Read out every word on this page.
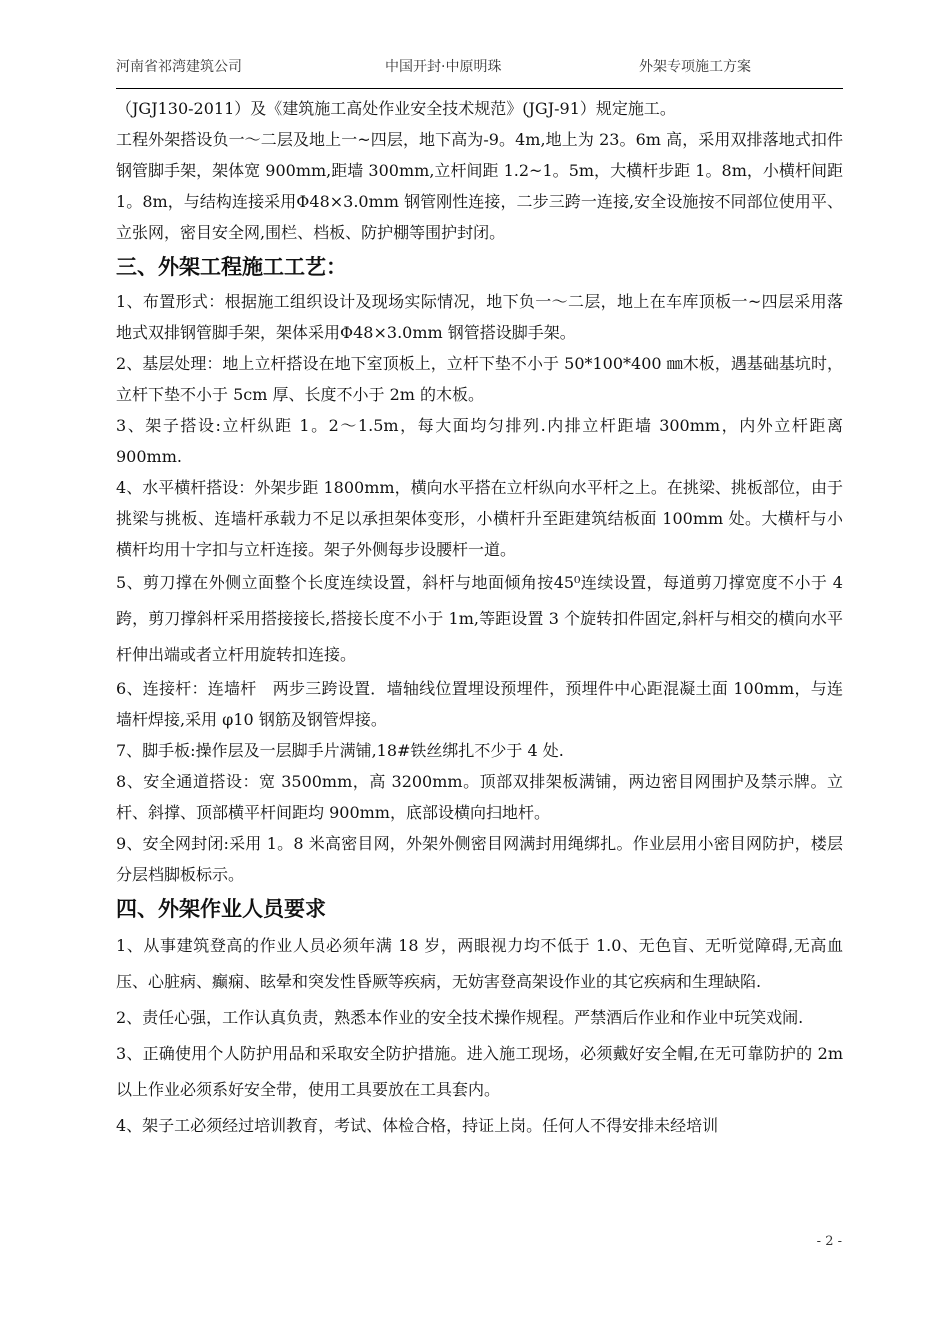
河南省祁湾建筑公司	中国开封·中原明珠	外架专项施工方案

（JGJ130-2011）及《建筑施工高处作业安全技术规范》(JGJ-91）规定施工。

工程外架搭设负一～二层及地上一~四层，地下高为-9。4m,地上为 23。6m 高，采用双排落地式扣件钢管脚手架，架体宽 900mm,距墙 300mm,立杆间距 1.2~1。5m，大横杆步距 1。8m，小横杆间距 1。8m，与结构连接采用Φ48×3.0mm 钢管刚性连接，二步三跨一连接,安全设施按不同部位使用平、立张网，密目安全网,围栏、档板、防护棚等围护封闭。

三、外架工程施工工艺：

1、布置形式：根据施工组织设计及现场实际情况，地下负一～二层，地上在车库顶板一~四层采用落地式双排钢管脚手架，架体采用Φ48×3.0mm 钢管搭设脚手架。

2、基层处理：地上立杆搭设在地下室顶板上，立杆下垫不小于 50*100*400 ㎜木板，遇基础基坑时，立杆下垫不小于 5cm 厚、长度不小于 2m 的木板。

3、架子搭设:立杆纵距 1。2～1.5m，每大面均匀排列.内排立杆距墙 300mm，内外立杆距离 900mm.

4、水平横杆搭设：外架步距 1800mm，横向水平搭在立杆纵向水平杆之上。在挑梁、挑板部位，由于挑梁与挑板、连墙杆承载力不足以承担架体变形，小横杆升至距建筑结板面 100mm 处。大横杆与小横杆均用十字扣与立杆连接。架子外侧每步设腰杆一道。

5、剪刀撑在外侧立面整个长度连续设置，斜杆与地面倾角按45⁰连续设置，每道剪刀撑宽度不小于 4 跨，剪刀撑斜杆采用搭接接长,搭接长度不小于 1m,等距设置 3 个旋转扣件固定,斜杆与相交的横向水平杆伸出端或者立杆用旋转扣连接。

6、连接杆：连墙杆　两步三跨设置．墙轴线位置埋设预埋件，预埋件中心距混凝土面 100mm，与连墙杆焊接,采用 φ10 钢筋及钢管焊接。

7、脚手板:操作层及一层脚手片满铺,18#铁丝绑扎不少于 4 处.

8、安全通道搭设：宽 3500mm，高 3200mm。顶部双排架板满铺，两边密目网围护及禁示牌。立杆、斜撑、顶部横平杆间距均 900mm，底部设横向扫地杆。

9、安全网封闭:采用 1。8 米高密目网，外架外侧密目网满封用绳绑扎。作业层用小密目网防护，楼层分层档脚板标示。

四、外架作业人员要求

1、从事建筑登高的作业人员必须年满 18 岁，两眼视力均不低于 1.0、无色盲、无听觉障碍,无高血压、心脏病、癫痫、眩晕和突发性昏厥等疾病，无妨害登高架设作业的其它疾病和生理缺陷.

2、责任心强，工作认真负责，熟悉本作业的安全技术操作规程。严禁酒后作业和作业中玩笑戏闹.

3、正确使用个人防护用品和采取安全防护措施。进入施工现场，必须戴好安全帽,在无可靠防护的 2m 以上作业必须系好安全带，使用工具要放在工具套内。

4、架子工必须经过培训教育，考试、体检合格，持证上岗。任何人不得安排未经培训

- 2 -
